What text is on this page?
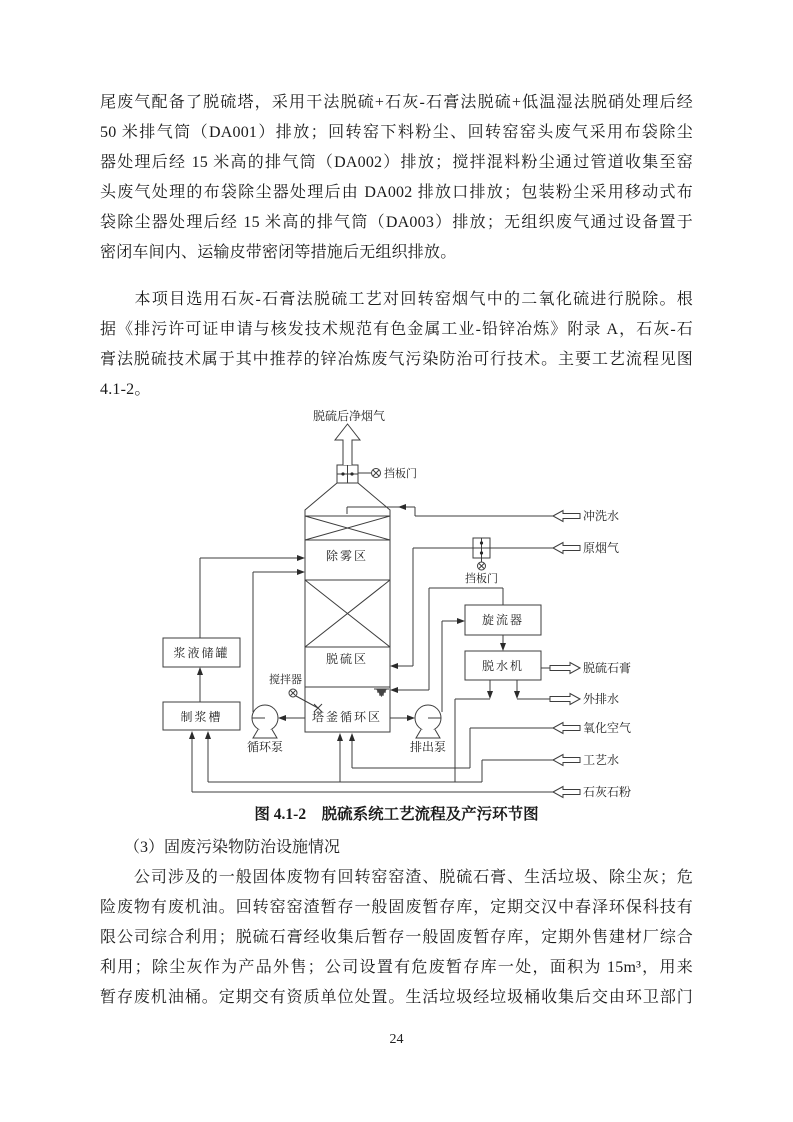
尾废气配备了脱硫塔，采用干法脱硫+石灰-石膏法脱硫+低温湿法脱硝处理后经
50 米排气筒（DA001）排放；回转窑下料粉尘、回转窑窑头废气采用布袋除尘
器处理后经 15 米高的排气筒（DA002）排放；搅拌混料粉尘通过管道收集至窑
头废气处理的布袋除尘器处理后由 DA002 排放口排放；包装粉尘采用移动式布
袋除尘器处理后经 15 米高的排气筒（DA003）排放；无组织废气通过设备置于
密闭车间内、运输皮带密闭等措施后无组织排放。
　　本项目选用石灰-石膏法脱硫工艺对回转窑烟气中的二氧化硫进行脱除。根
据《排污许可证申请与核发技术规范有色金属工业-铅锌冶炼》附录 A，石灰-石
膏法脱硫技术属于其中推荐的锌冶炼废气污染防治可行技术。主要工艺流程见图
4.1-2。
除雾区
脱硫区
塔釜循环区
脱硫后净烟气
挡板门
冲洗水
挡板门
原烟气
浆液储罐
制浆槽
循环泵	排出泵
搅拌器
旋流器
脱水机	脱硫石膏
外排水
氧化空气
工艺水
石灰石粉
图 4.1-2　脱硫系统工艺流程及产污环节图
　　（3）固废污染物防治设施情况
　　公司涉及的一般固体废物有回转窑窑渣、脱硫石膏、生活垃圾、除尘灰；危
险废物有废机油。回转窑窑渣暂存一般固废暂存库，定期交汉中春泽环保科技有
限公司综合利用；脱硫石膏经收集后暂存一般固废暂存库，定期外售建材厂综合
利用；除尘灰作为产品外售；公司设置有危废暂存库一处，面积为 15m³，用来
暂存废机油桶。定期交有资质单位处置。生活垃圾经垃圾桶收集后交由环卫部门
24
